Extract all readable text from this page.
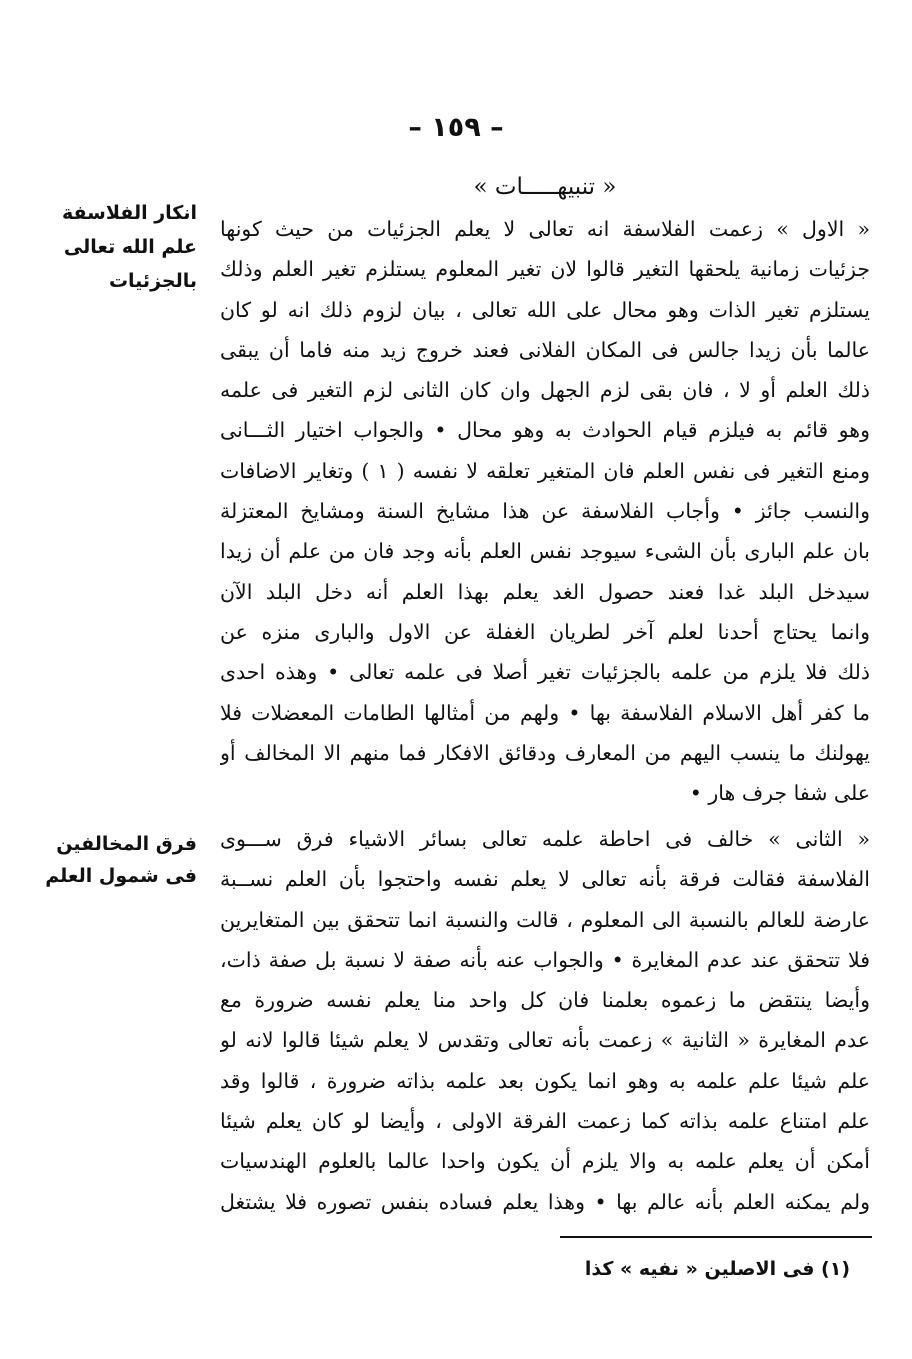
– ١٥٩ –
« تنبيهـــــات »
انكار الفلاسفة
علم الله تعالى
بالجزئيات
فرق المخالفين
فى شمول العلم
« الاول » زعمت الفلاسفة انه تعالى لا يعلم الجزئيات من حيث كونها
جزئيات زمانية يلحقها التغير قالوا لان تغير المعلوم يستلزم تغير العلم وذلك
يستلزم تغير الذات وهو محال على الله تعالى ، بيان لزوم ذلك انه لو كان
عالما بأن زيدا جالس فى المكان الفلانى فعند خروج زيد منه فاما أن يبقى
ذلك العلم أو لا ، فان بقى لزم الجهل وان كان الثانى لزم التغير فى علمه
وهو قائم به فيلزم قيام الحوادث به وهو محال • والجواب اختيار الثـــانى
ومنع التغير فى نفس العلم فان المتغير تعلقه لا نفسه ( ١ ) وتغاير الاضافات
والنسب جائز • وأجاب الفلاسفة عن هذا مشايخ السنة ومشايخ المعتزلة
بان علم البارى بأن الشىء سيوجد نفس العلم بأنه وجد فان من علم أن زيدا
سيدخل البلد غدا فعند حصول الغد يعلم بهذا العلم أنه دخل البلد الآن
وانما يحتاج أحدنا لعلم آخر لطريان الغفلة عن الاول والبارى منزه عن
ذلك فلا يلزم من علمه بالجزئيات تغير أصلا فى علمه تعالى • وهذه احدى
ما كفر أهل الاسلام الفلاسفة بها • ولهم من أمثالها الطامات المعضلات فلا
يهولنك ما ينسب اليهم من المعارف ودقائق الافكار فما منهم الا المخالف أو
على شفا جرف هار •
« الثانى » خالف فى احاطة علمه تعالى بسائر الاشياء فرق ســـوى
الفلاسفة فقالت فرقة بأنه تعالى لا يعلم نفسه واحتجوا بأن العلم نســبة
عارضة للعالم بالنسبة الى المعلوم ، قالت والنسبة انما تتحقق بين المتغايرين
فلا تتحقق عند عدم المغايرة • والجواب عنه بأنه صفة لا نسبة بل صفة ذات،
وأيضا ينتقض ما زعموه بعلمنا فان كل واحد منا يعلم نفسه ضرورة مع
عدم المغايرة « الثانية » زعمت بأنه تعالى وتقدس لا يعلم شيئا قالوا لانه لو
علم شيئا علم علمه به وهو انما يكون بعد علمه بذاته ضرورة ، قالوا وقد
علم امتناع علمه بذاته كما زعمت الفرقة الاولى ، وأيضا لو كان يعلم شيئا
أمكن أن يعلم علمه به والا يلزم أن يكون واحدا عالما بالعلوم الهندسيات
ولم يمكنه العلم بأنه عالم بها • وهذا يعلم فساده بنفس تصوره فلا يشتغل
(١) فى الاصلين « نفيه » كذا
